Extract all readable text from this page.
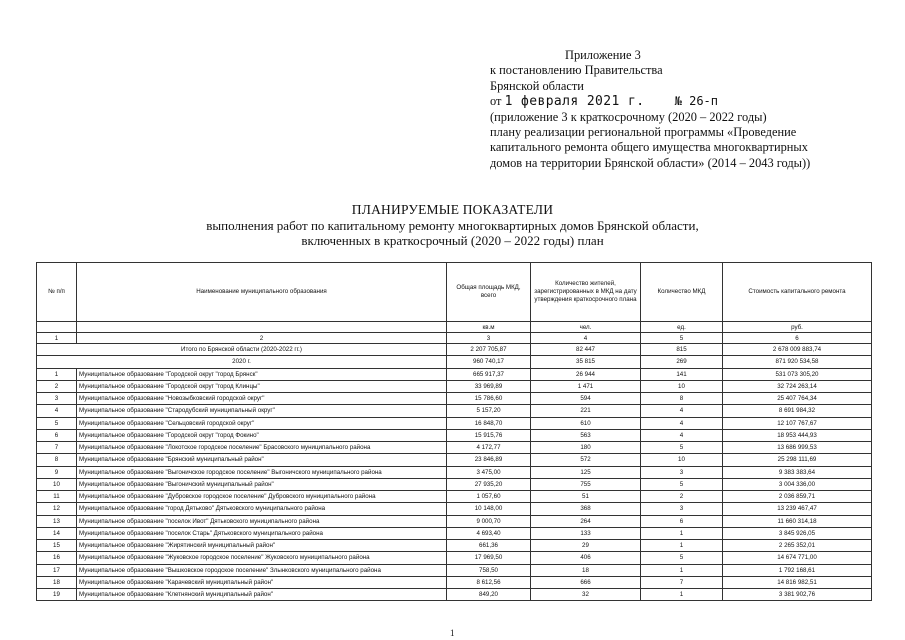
Приложение 3
к постановлению Правительства
Брянской области
от 1 февраля 2021 г.	№ 26-п
(приложение 3 к краткосрочному (2020 – 2022 годы)
плану реализации региональной программы «Проведение
капитального ремонта общего имущества многоквартирных
домов на территории Брянской области» (2014 – 2043 годы))
ПЛАНИРУЕМЫЕ ПОКАЗАТЕЛИ
выполнения работ по капитальному ремонту многоквартирных домов Брянской области,
включенных в краткосрочный (2020 – 2022 годы) план
№ п/п	Наименование муниципального образования	Общая площадь МКД, всего	Количество жителей, зарегистрированных в МКД на дату утверждения краткосрочного плана	Количество МКД	Стоимость капитального ремонта
		кв.м	чел.	ед.	руб.
1	2	3	4	5	6
Итого по Брянской области (2020-2022 гг.)		2 207 705,87	82 447	815	2 678 009 883,74
2020 г.		960 740,17	35 815	269	871 920 534,58
1	Муниципальное образование "Городской округ "город Брянск"	665 917,37	26 944	141	531 073 305,20
2	Муниципальное образование "Городской округ "город Клинцы"	33 969,89	1 471	10	32 724 263,14
3	Муниципальное образование "Новозыбковский городской округ"	15 786,60	594	8	25 407 764,34
4	Муниципальное образование "Стародубский муниципальный округ"	5 157,20	221	4	8 691 984,32
5	Муниципальное образование "Сельцовский городской округ"	16 848,70	610	4	12 107 767,67
6	Муниципальное образование "Городской округ "город Фокино"	15 915,76	563	4	18 953 444,93
7	Муниципальное образование "Локотское городское поселение" Брасовского муниципального района	4 172,77	180	5	13 686 999,53
8	Муниципальное образование "Брянский муниципальный район"	23 846,89	572	10	25 298 111,69
9	Муниципальное образование "Выгоничское городское поселение" Выгоничского муниципального района	3 475,00	125	3	9 383 383,64
10	Муниципальное образование "Выгоничский муниципальный район"	27 935,20	755	5	3 004 336,00
11	Муниципальное образование "Дубровское городское поселение" Дубровского муниципального района	1 057,60	51	2	2 036 859,71
12	Муниципальное образование "город Дятьково" Дятьковского муниципального района	10 148,00	368	3	13 239 467,47
13	Муниципальное образование "поселок Ивот" Дятьковского муниципального района	9 000,70	264	6	11 660 314,18
14	Муниципальное образование "поселок Старь" Дятьковского муниципального района	4 693,40	133	1	3 845 926,05
15	Муниципальное образование "Жирятинский муниципальный район"	661,36	29	1	2 265 352,01
16	Муниципальное образование "Жуковское городское поселение" Жуковского муниципального района	17 969,50	406	5	14 674 771,00
17	Муниципальное образование "Вышковское городское поселение" Злынковского муниципального района	758,50	18	1	1 792 168,61
18	Муниципальное образование "Карачевский муниципальный район"	8 612,56	666	7	14 816 982,51
19	Муниципальное образование "Клетнянский муниципальный район"	849,20	32	1	3 381 902,76
1
